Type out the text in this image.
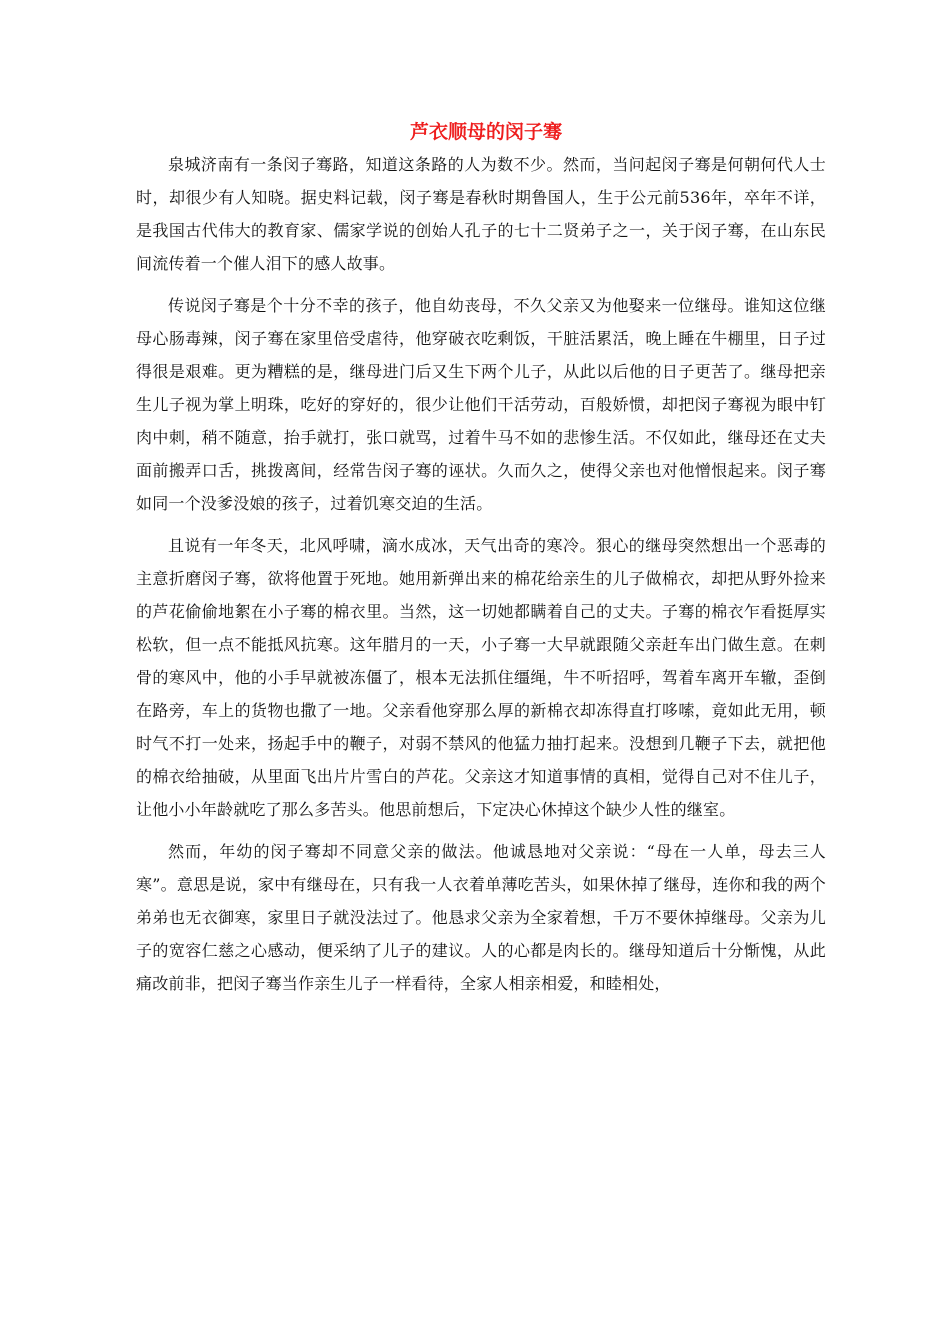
芦衣顺母的闵子骞

泉城济南有一条闵子骞路，知道这条路的人为数不少。然而，当问起闵子骞是何朝何代人士时，却很少有人知晓。据史料记载，闵子骞是春秋时期鲁国人，生于公元前536年，卒年不详，是我国古代伟大的教育家、儒家学说的创始人孔子的七十二贤弟子之一，关于闵子骞，在山东民间流传着一个催人泪下的感人故事。

传说闵子骞是个十分不幸的孩子，他自幼丧母，不久父亲又为他娶来一位继母。谁知这位继母心肠毒辣，闵子骞在家里倍受虐待，他穿破衣吃剩饭，干脏活累活，晚上睡在牛棚里，日子过得很是艰难。更为糟糕的是，继母进门后又生下两个儿子，从此以后他的日子更苦了。继母把亲生儿子视为掌上明珠，吃好的穿好的，很少让他们干活劳动，百般娇惯，却把闵子骞视为眼中钉肉中刺，稍不随意，抬手就打，张口就骂，过着牛马不如的悲惨生活。不仅如此，继母还在丈夫面前搬弄口舌，挑拨离间，经常告闵子骞的诬状。久而久之，使得父亲也对他憎恨起来。闵子骞如同一个没爹没娘的孩子，过着饥寒交迫的生活。

且说有一年冬天，北风呼啸，滴水成冰，天气出奇的寒冷。狠心的继母突然想出一个恶毒的主意折磨闵子骞，欲将他置于死地。她用新弹出来的棉花给亲生的儿子做棉衣，却把从野外捡来的芦花偷偷地絮在小子骞的棉衣里。当然，这一切她都瞒着自己的丈夫。子骞的棉衣乍看挺厚实松软，但一点不能抵风抗寒。这年腊月的一天，小子骞一大早就跟随父亲赶车出门做生意。在刺骨的寒风中，他的小手早就被冻僵了，根本无法抓住缰绳，牛不听招呼，驾着车离开车辙，歪倒在路旁，车上的货物也撒了一地。父亲看他穿那么厚的新棉衣却冻得直打哆嗦，竟如此无用，顿时气不打一处来，扬起手中的鞭子，对弱不禁风的他猛力抽打起来。没想到几鞭子下去，就把他的棉衣给抽破，从里面飞出片片雪白的芦花。父亲这才知道事情的真相，觉得自己对不住儿子，让他小小年龄就吃了那么多苦头。他思前想后，下定决心休掉这个缺少人性的继室。

然而，年幼的闵子骞却不同意父亲的做法。他诚恳地对父亲说：“母在一人单，母去三人寒”。意思是说，家中有继母在，只有我一人衣着单薄吃苦头，如果休掉了继母，连你和我的两个弟弟也无衣御寒，家里日子就没法过了。他恳求父亲为全家着想，千万不要休掉继母。父亲为儿子的宽容仁慈之心感动，便采纳了儿子的建议。人的心都是肉长的。继母知道后十分惭愧，从此痛改前非，把闵子骞当作亲生儿子一样看待，全家人相亲相爱，和睦相处，
